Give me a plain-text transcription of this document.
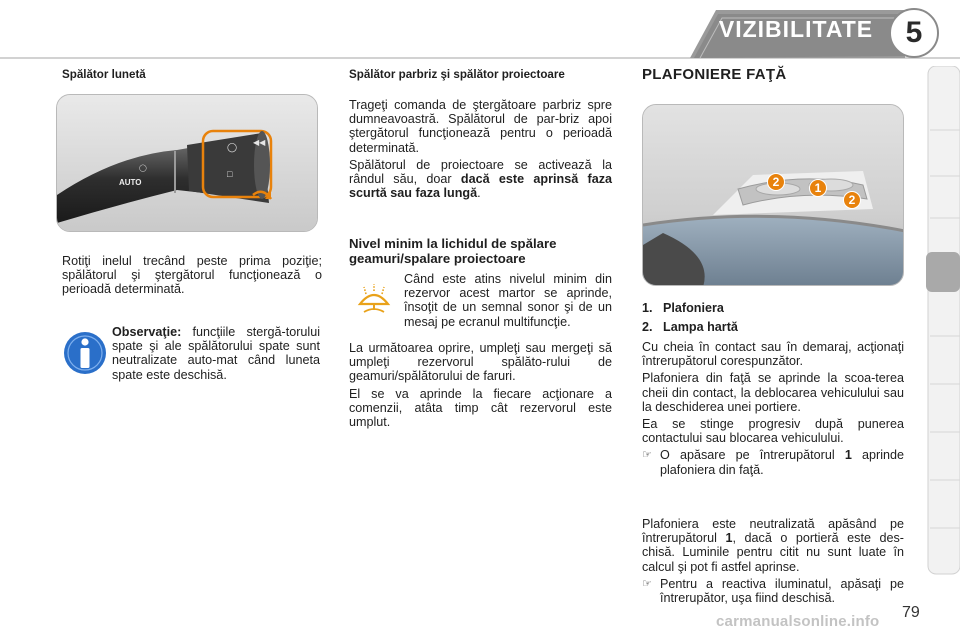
VIZIBILITATE 5
Spălător lunetă
◯
AUTO
◯
□
◀◀
Rotiţi inelul trecând peste prima poziţie; spălătorul şi ştergătorul funcţionează o perioadă determinată.
Observaţie: funcţiile stergă-torului spate şi ale spălătorului spate sunt neutralizate auto-mat când luneta spate este deschisă.
Spălător parbriz şi spălător proiectoare
Trageţi comanda de ştergătoare parbriz spre dumneavoastră. Spălătorul de par-briz apoi ştergătorul funcţionează pentru o perioadă determinată.
Spălătorul de proiectoare se activează la rândul său, doar dacă este aprinsă faza scurtă sau faza lungă.
Nivel minim la lichidul de spălare geamuri/spalare proiectoare
Când este atins nivelul minim din rezervor acest martor se aprinde, însoţit de un semnal sonor şi de un mesaj pe ecranul multifuncţie.
La următoarea oprire, umpleţi sau mergeţi să umpleţi rezervorul spălăto-rului de geamuri/spălătorului de faruri.
El se va aprinde la fiecare acţionare a comenzii, atâta timp cât rezervorul este umplut.
PLAFONIERE FAŢĂ
2	1
2
1. Plafoniera
2. Lampa hartă
Cu cheia în contact sau în demaraj, acţionaţi întrerupătorul corespunzător.
Plafoniera din faţă se aprinde la scoa-terea cheii din contact, la deblocarea vehiculului sau la deschiderea unei portiere.
Ea se stinge progresiv după punerea contactului sau blocarea vehiculului.
☞ O apăsare pe întrerupătorul 1 aprinde plafoniera din faţă.
Plafoniera este neutralizată apăsând pe întrerupătorul 1, dacă o portieră este des-chisă. Luminile pentru citit nu sunt luate în calcul şi pot fi astfel aprinse.
☞ Pentru a reactiva iluminatul, apăsaţi pe întrerupător, uşa fiind deschisă.
79
carmanualsonline.info
